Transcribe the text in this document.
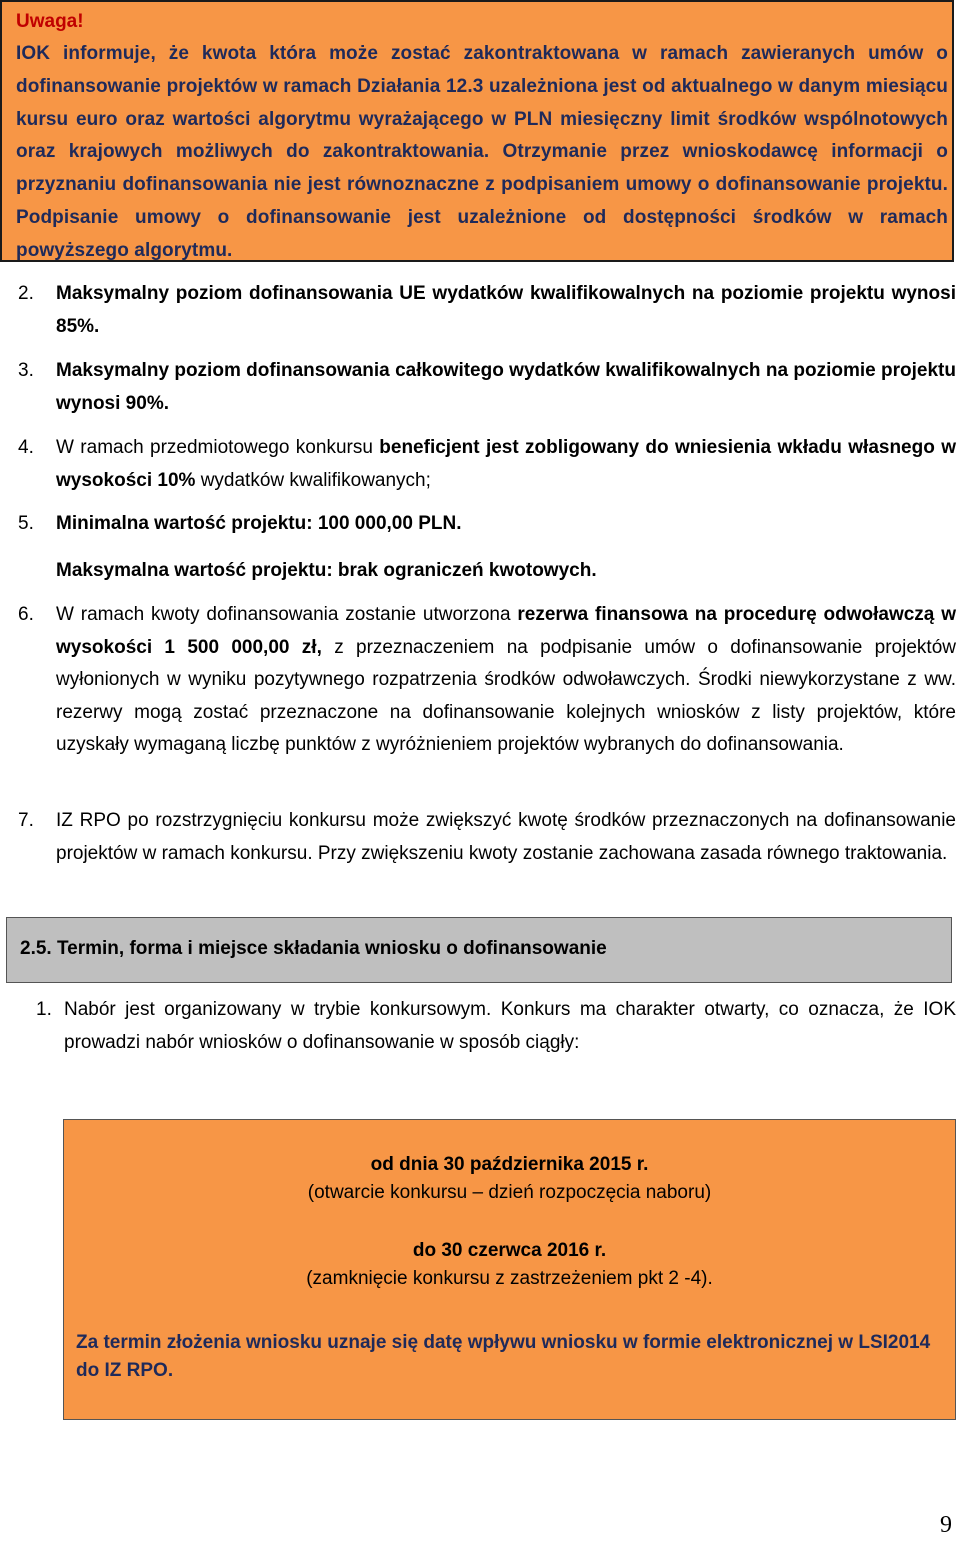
Uwaga!
IOK informuje, że kwota która może zostać zakontraktowana w ramach zawieranych umów o dofinansowanie projektów w ramach Działania 12.3 uzależniona jest od aktualnego w danym miesiącu kursu euro oraz wartości algorytmu wyrażającego w PLN miesięczny limit środków wspólnotowych oraz krajowych możliwych do zakontraktowania. Otrzymanie przez wnioskodawcę informacji o przyznaniu dofinansowania nie jest równoznaczne z podpisaniem umowy o dofinansowanie projektu. Podpisanie umowy o dofinansowanie jest uzależnione od dostępności środków w ramach powyższego algorytmu.
2. Maksymalny poziom dofinansowania UE wydatków kwalifikowalnych na poziomie projektu wynosi 85%.
3. Maksymalny poziom dofinansowania całkowitego wydatków kwalifikowalnych na poziomie projektu wynosi 90%.
4. W ramach przedmiotowego konkursu beneficjent jest zobligowany do wniesienia wkładu własnego w wysokości 10% wydatków kwalifikowanych;
5. Minimalna wartość projektu: 100 000,00 PLN.
Maksymalna wartość projektu: brak ograniczeń kwotowych.
6. W ramach kwoty dofinansowania zostanie utworzona rezerwa finansowa na procedurę odwoławczą w wysokości 1 500 000,00 zł, z przeznaczeniem na podpisanie umów o dofinansowanie projektów wyłonionych w wyniku pozytywnego rozpatrzenia środków odwoławczych. Środki niewykorzystane z ww. rezerwy mogą zostać przeznaczone na dofinansowanie kolejnych wniosków z listy projektów, które uzyskały wymaganą liczbę punktów z wyróżnieniem projektów wybranych do dofinansowania.
7. IZ RPO po rozstrzygnięciu konkursu może zwiększyć kwotę środków przeznaczonych na dofinansowanie projektów w ramach konkursu. Przy zwiększeniu kwoty zostanie zachowana zasada równego traktowania.
2.5. Termin, forma i miejsce składania wniosku o dofinansowanie
1. Nabór jest organizowany w trybie konkursowym. Konkurs ma charakter otwarty, co oznacza, że IOK prowadzi nabór wniosków o dofinansowanie w sposób ciągły:
od dnia 30 października 2015 r.
(otwarcie konkursu – dzień rozpoczęcia naboru)
do 30 czerwca 2016 r.
(zamknięcie konkursu z zastrzeżeniem pkt 2 -4).
Za termin złożenia wniosku uznaje się datę wpływu wniosku w formie elektronicznej w LSI2014 do IZ RPO.
9
